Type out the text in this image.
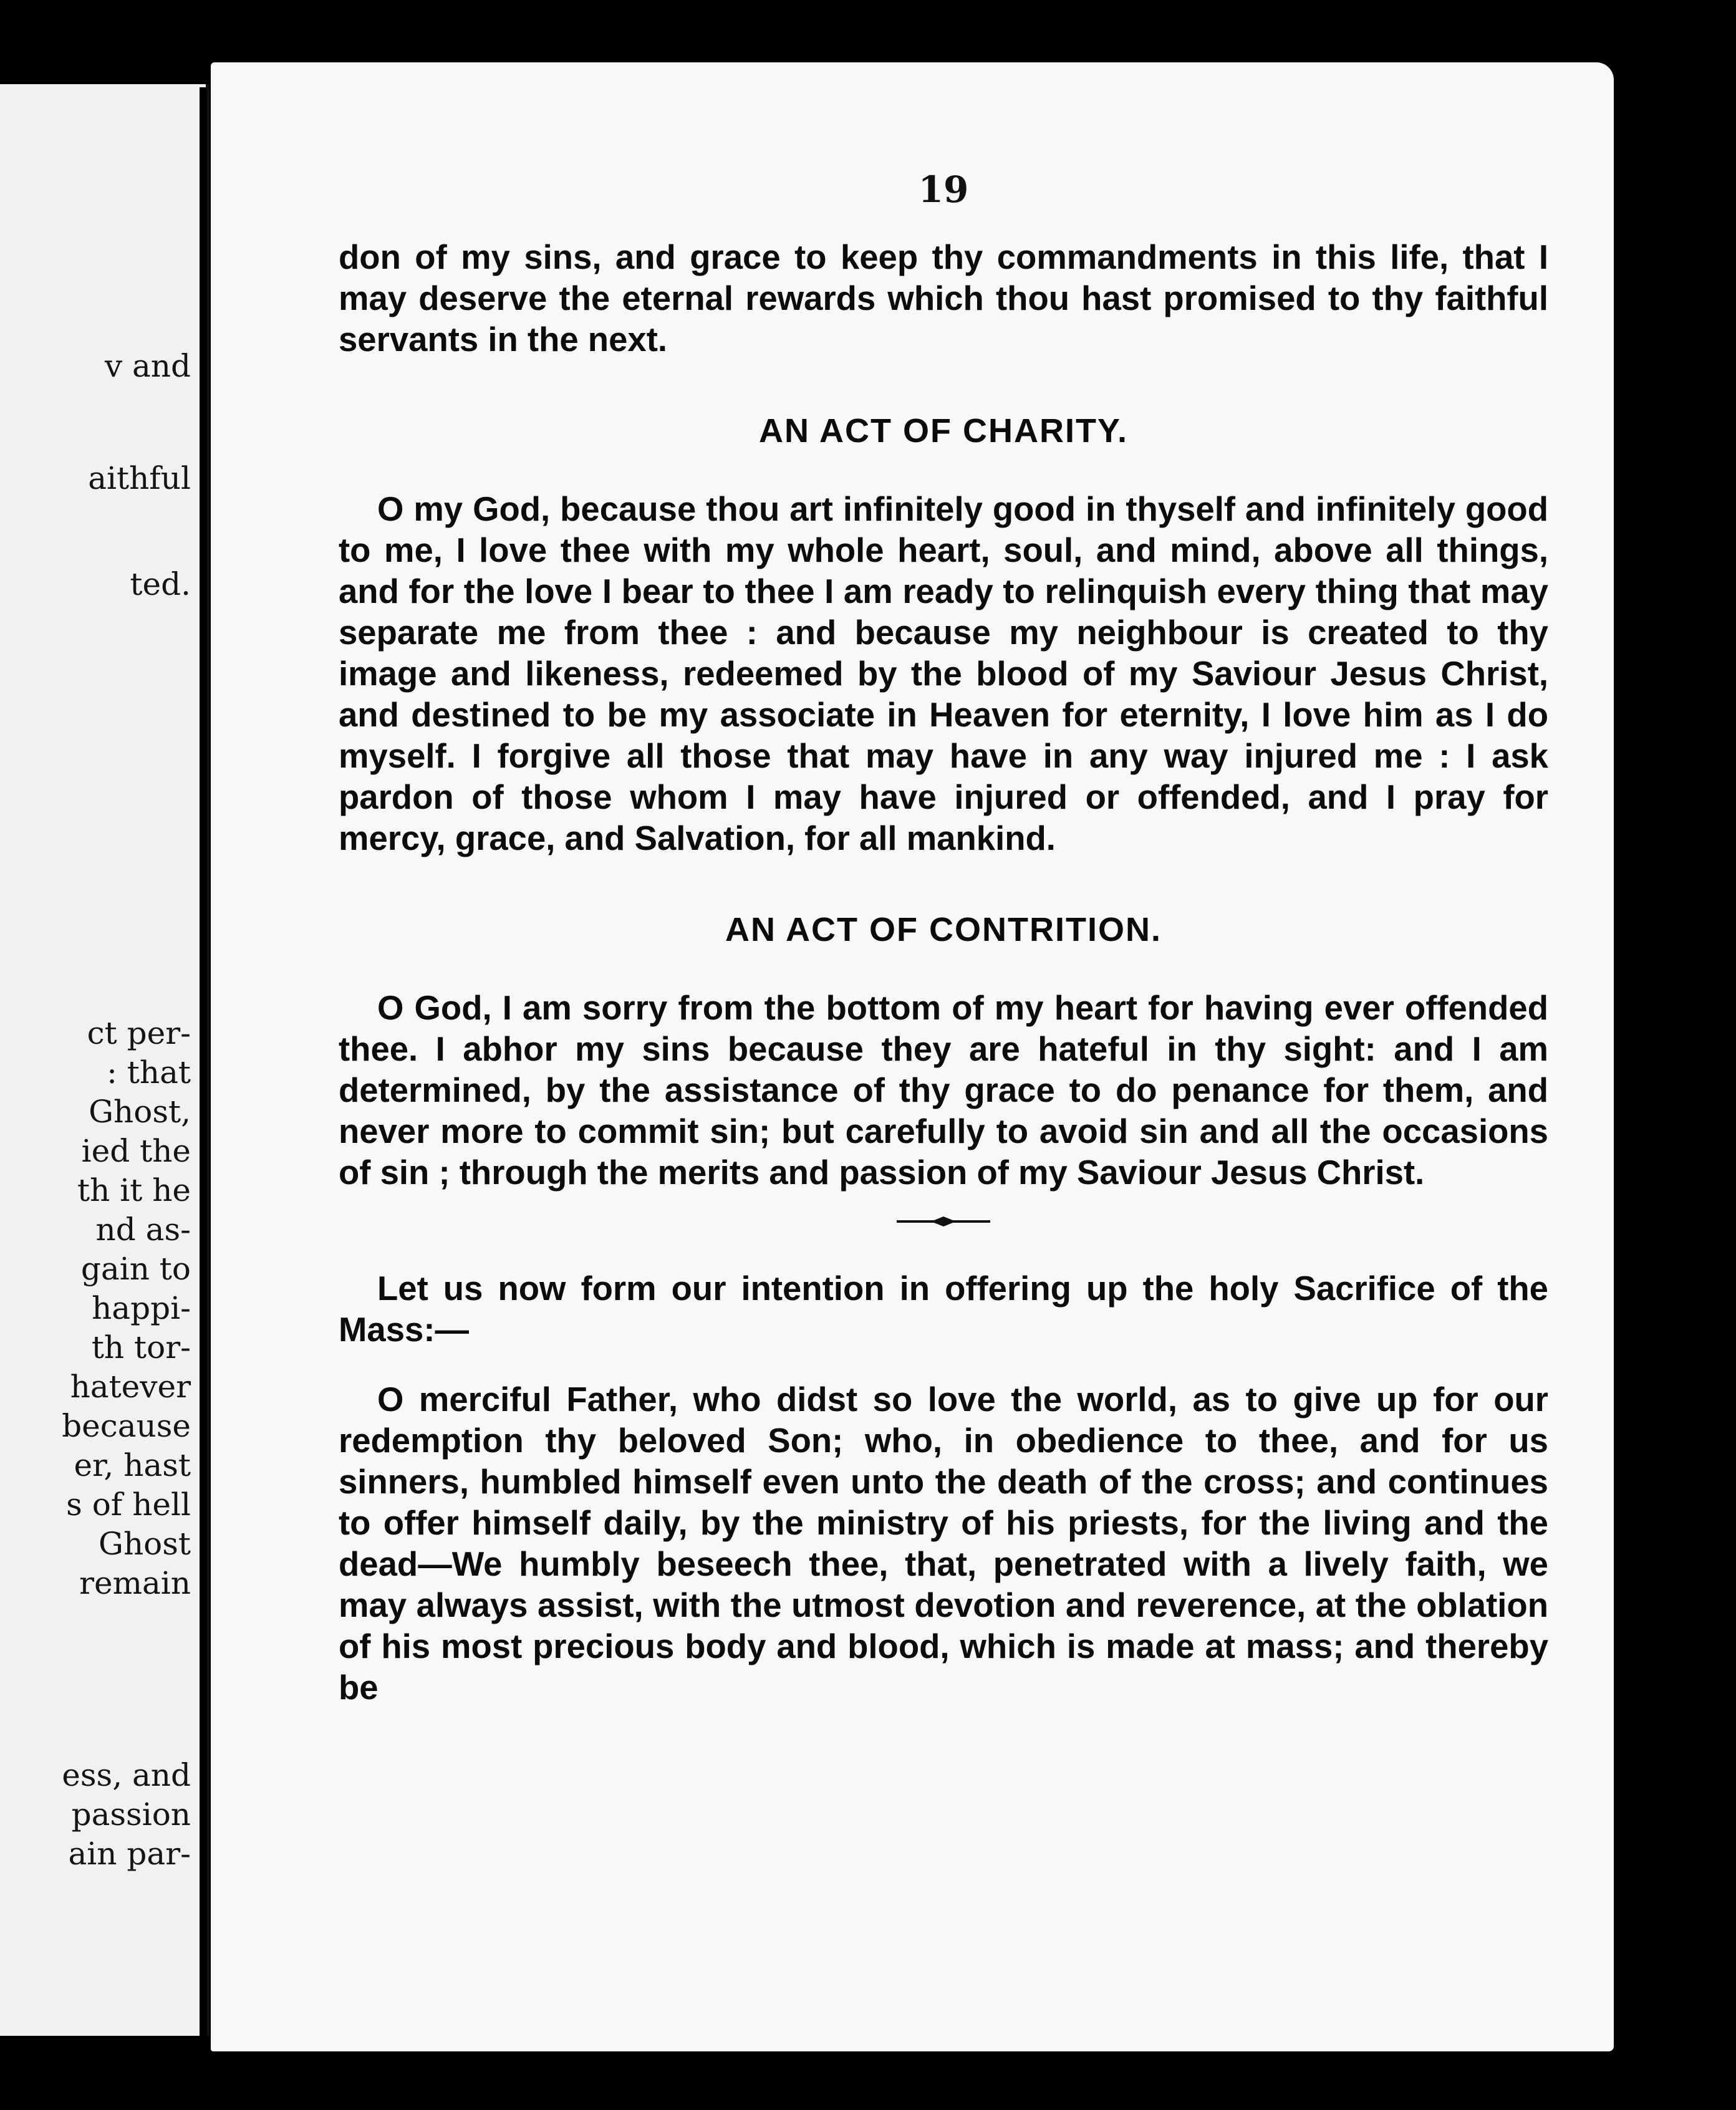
v and

aithful

ted.

ct per-

: that

Ghost,

ied the

th it he

nd as-

gain to

happi-

th tor-

hatever

because

er, hast

s of hell

Ghost

remain

ess, and

passion

ain par-

19

don of my sins, and grace to keep thy commandments in this life, that I may deserve the eternal rewards which thou hast promised to thy faithful servants in the next.

AN ACT OF CHARITY.

O my God, because thou art infinitely good in thyself and infinitely good to me, I love thee with my whole heart, soul, and mind, above all things, and for the love I bear to thee I am ready to relinquish every thing that may separate me from thee : and because my neighbour is created to thy image and likeness, redeemed by the blood of my Saviour Jesus Christ, and destined to be my associate in Heaven for eternity, I love him as I do myself. I forgive all those that may have in any way injured me : I ask pardon of those whom I may have injured or offended, and I pray for mercy, grace, and Salvation, for all mankind.

AN ACT OF CONTRITION.

O God, I am sorry from the bottom of my heart for having ever offended thee. I abhor my sins because they are hateful in thy sight: and I am determined, by the assistance of thy grace to do penance for them, and never more to commit sin; but carefully to avoid sin and all the occasions of sin ; through the merits and passion of my Saviour Jesus Christ.

Let us now form our intention in offering up the holy Sacrifice of the Mass:—

O merciful Father, who didst so love the world, as to give up for our redemption thy beloved Son; who, in obedience to thee, and for us sinners, humbled himself even unto the death of the cross; and continues to offer himself daily, by the ministry of his priests, for the living and the dead—We humbly beseech thee, that, penetrated with a lively faith, we may always assist, with the utmost devotion and reverence, at the oblation of his most precious body and blood, which is made at mass; and thereby be
